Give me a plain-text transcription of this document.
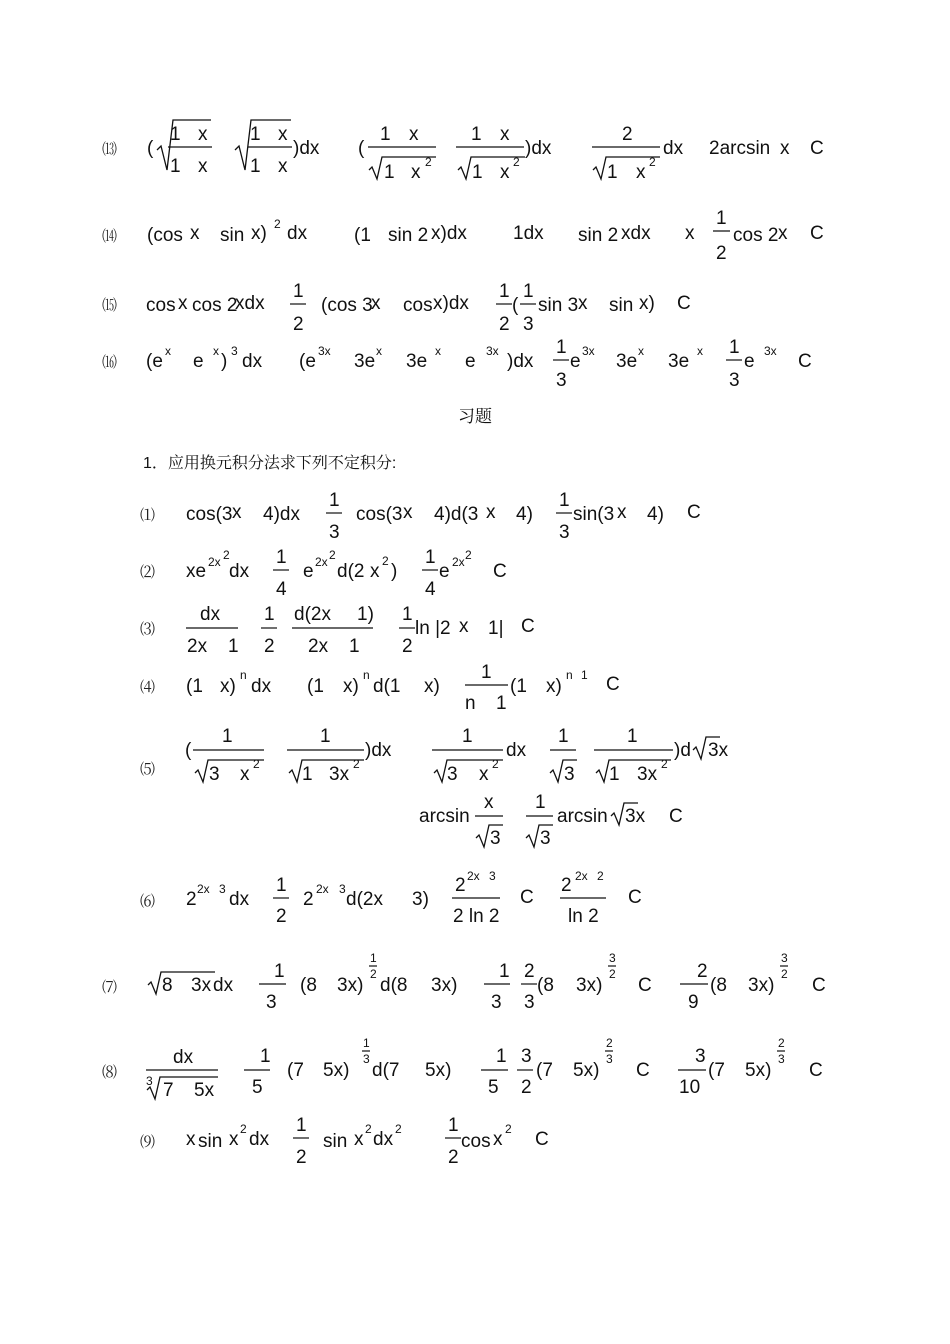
⒀
⒁
⒂
⒃
习题
1．应用换元积分法求下列不定积分:
⑴
⑵
⑶
⑷
⑸
⑹
⑺
⑻
⑼
(
1 x
1 x
1 x
1 x
)dx (
1 x
1 x 2
1 x
1 x 2
)dx
2
1 x 2
dx 2arcsin x C
(cos x sin x) 2 dx (1 sin 2 x)dx 1dx sin 2 xdx x
1
2
cos 2 x C
cos x cos 2
xdx
1
2
(cos 3
x cos x)dx
1
2
(
1
3
sin 3 x sin x) C
(e x e x ) 3 dx (e 3x 3e x 3e x e 3x )dx
1
3
e 3x 3e x 3e x 1
3
e 3x C
cos(3 x 4)dx
1
3
cos(3 x 4)d(3 x 4)
1
3
sin(3 x 4) C
xe 2x 2
dx
1
4
e 2x 2
d(2 x 2 )
1
4
e 2x 2
C
dx
2x 1
1
2
d(2x 1)
2x 1
1
2
ln |2 x 1| C
(1 x)
n
dx (1 x)
n
d(1 x)
1
n 1
(1 x)
n 1 C
(
1
3 x 2
1
1 3x 2
)dx
1
3 x 2
dx
1
3
1
1 3x 2
)d 3x
arcsin
x
3
1
3
arcsin 3x C
2 2x 3 dx
1
2
2 2x 3 d(2x 3)
2 2x 3
2 ln 2
C
2 2x 2
ln 2
C
8 3x dx
1
3
(8 3x)
1
2
d(8 3x)
1
3
2
3
(8 3x)
3
2
C
2
9
(8 3x)
3
2
C
dx
3 7 5x
1
5
(7 5x)
1
3
d(7 5x)
1
5
3
2
(7 5x)
2
3
C
3
10
(7 5x)
2
3
C
x sin x 2 dx
1
2
sin x 2 dx 2 1
2
cos x 2 C
